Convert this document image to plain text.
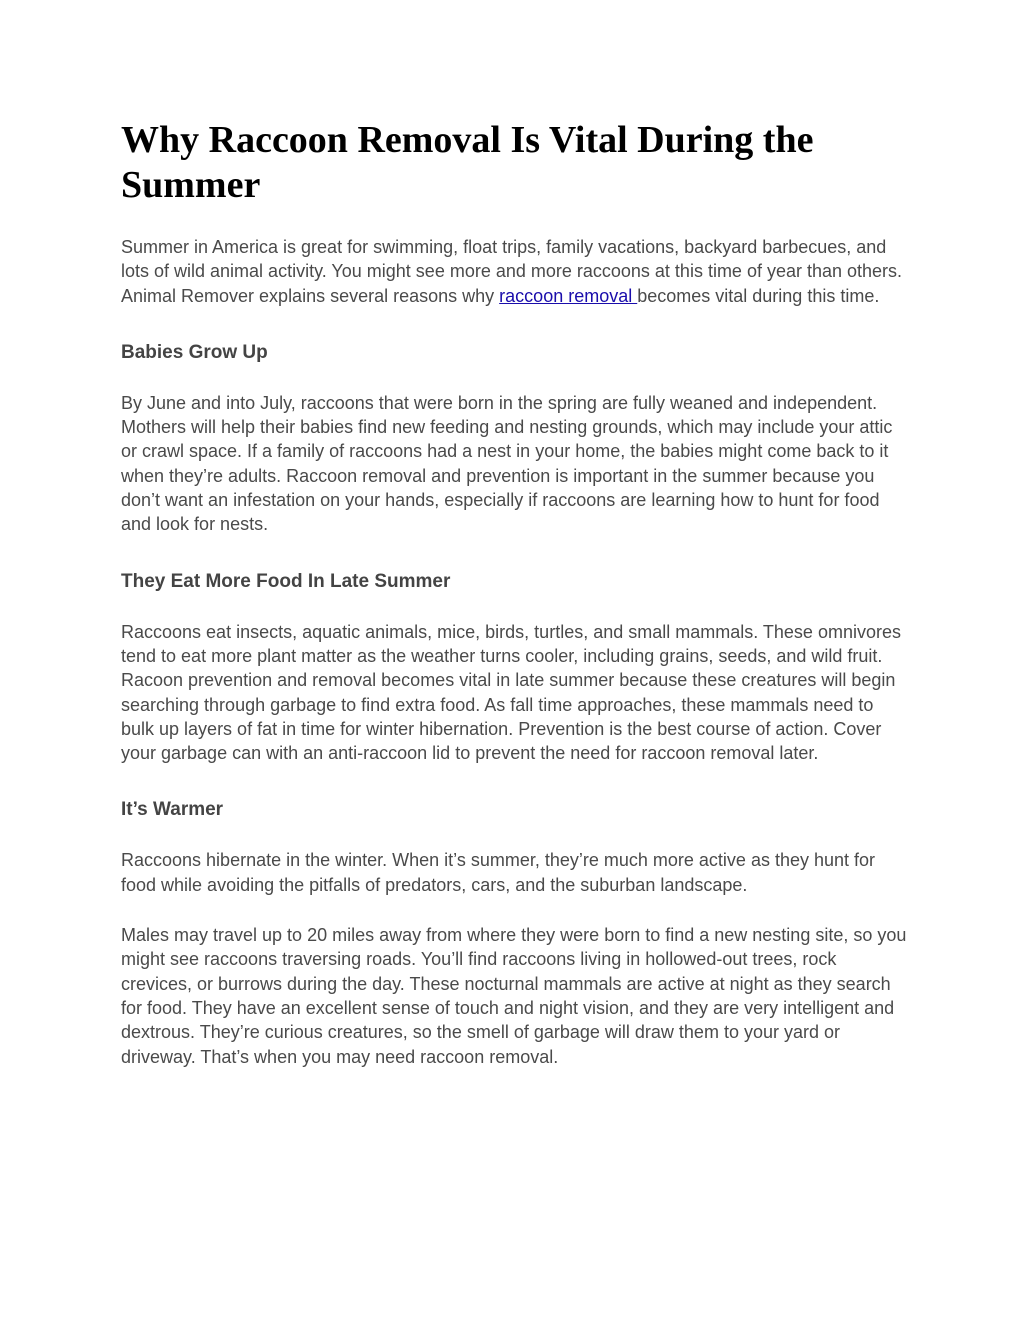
Why Raccoon Removal Is Vital During the Summer

Summer in America is great for swimming, float trips, family vacations, backyard barbecues, and lots of wild animal activity. You might see more and more raccoons at this time of year than others. Animal Remover explains several reasons why raccoon removal becomes vital during this time.

Babies Grow Up

By June and into July, raccoons that were born in the spring are fully weaned and independent. Mothers will help their babies find new feeding and nesting grounds, which may include your attic or crawl space. If a family of raccoons had a nest in your home, the babies might come back to it when they’re adults. Raccoon removal and prevention is important in the summer because you don’t want an infestation on your hands, especially if raccoons are learning how to hunt for food and look for nests.

They Eat More Food In Late Summer

Raccoons eat insects, aquatic animals, mice, birds, turtles, and small mammals. These omnivores tend to eat more plant matter as the weather turns cooler, including grains, seeds, and wild fruit. Racoon prevention and removal becomes vital in late summer because these creatures will begin searching through garbage to find extra food. As fall time approaches, these mammals need to bulk up layers of fat in time for winter hibernation. Prevention is the best course of action. Cover your garbage can with an anti-raccoon lid to prevent the need for raccoon removal later.

It’s Warmer

Raccoons hibernate in the winter. When it’s summer, they’re much more active as they hunt for food while avoiding the pitfalls of predators, cars, and the suburban landscape.

Males may travel up to 20 miles away from where they were born to find a new nesting site, so you might see raccoons traversing roads. You’ll find raccoons living in hollowed-out trees, rock crevices, or burrows during the day. These nocturnal mammals are active at night as they search for food. They have an excellent sense of touch and night vision, and they are very intelligent and dextrous. They’re curious creatures, so the smell of garbage will draw them to your yard or driveway. That’s when you may need raccoon removal.
